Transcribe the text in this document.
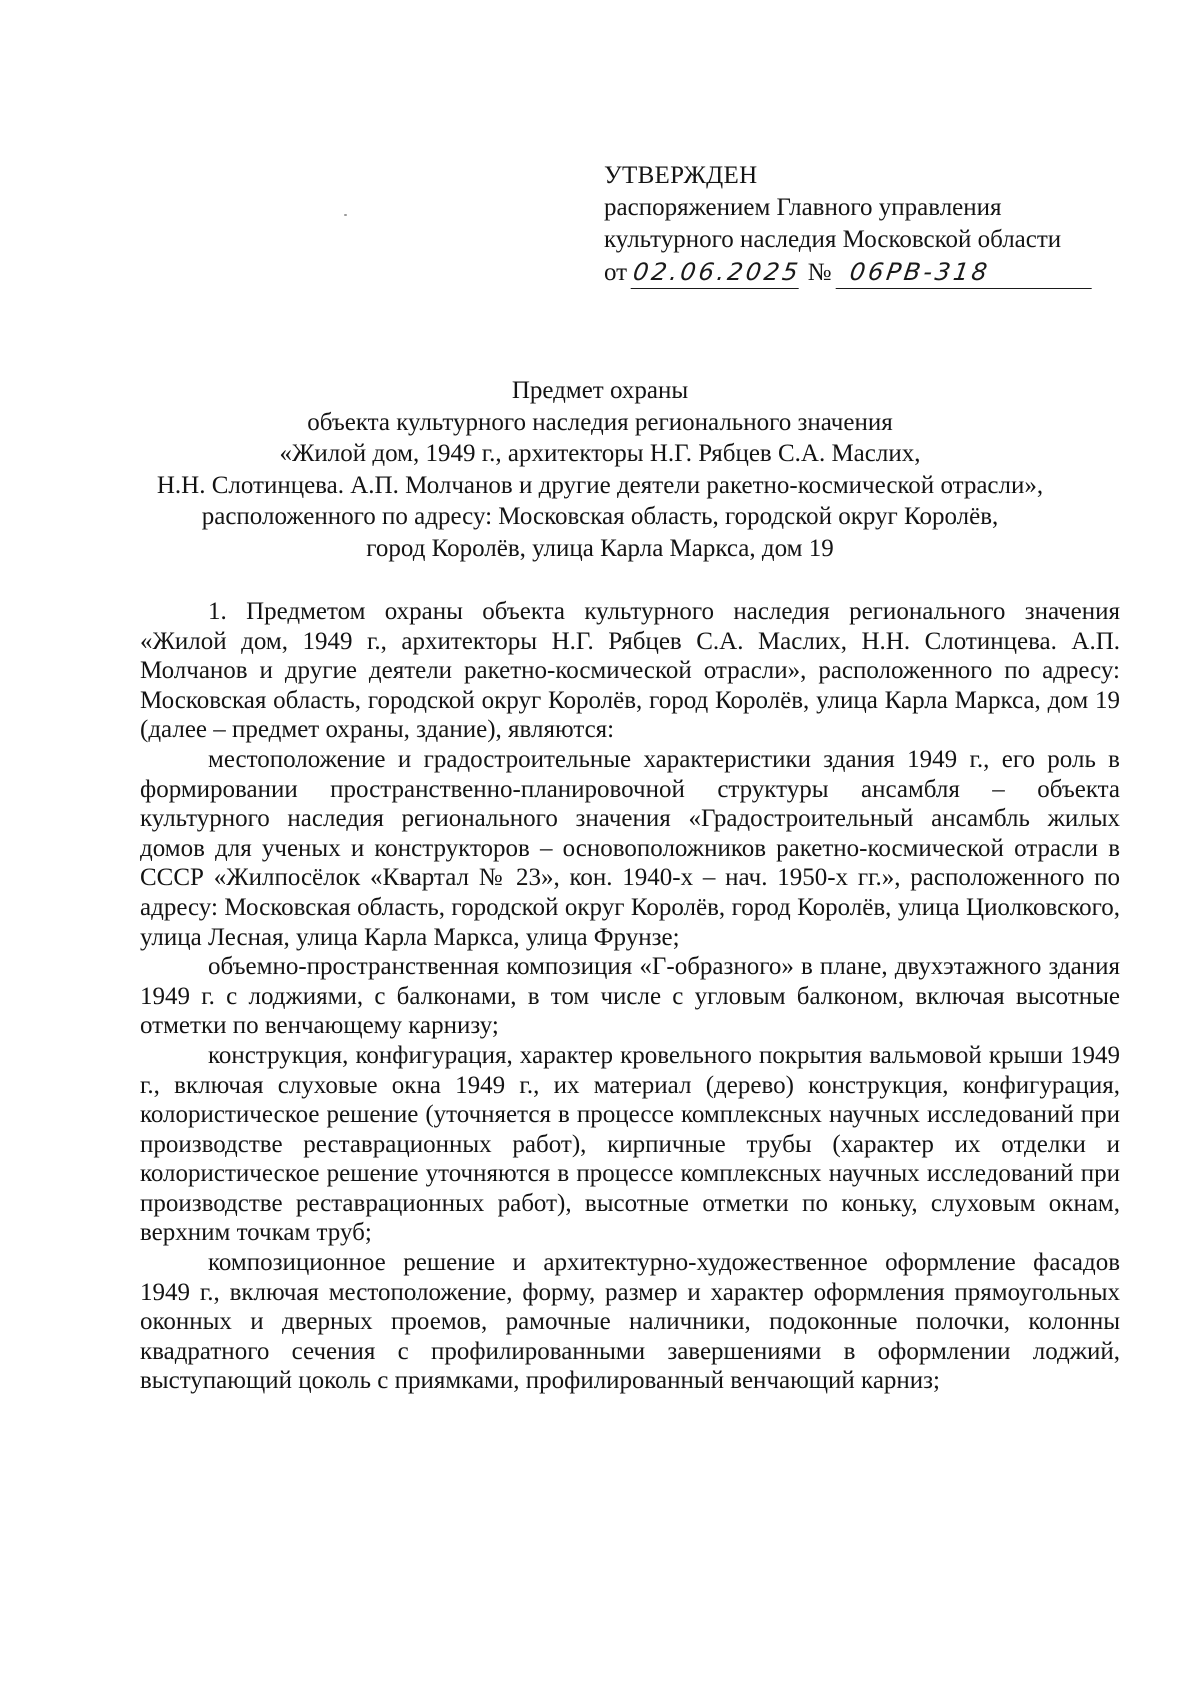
УТВЕРЖДЕН
распоряжением Главного управления
культурного наследия Московской области
от 02.06.2025 № 06РВ-318
Предмет охраны
объекта культурного наследия регионального значения
«Жилой дом, 1949 г., архитекторы Н.Г. Рябцев С.А. Маслих,
Н.Н. Слотинцева. А.П. Молчанов и другие деятели ракетно-космической отрасли»,
расположенного по адресу: Московская область, городской округ Королёв,
город Королёв, улица Карла Маркса, дом 19

1. Предметом охраны объекта культурного наследия регионального значения «Жилой дом, 1949 г., архитекторы Н.Г. Рябцев С.А. Маслих, Н.Н. Слотинцева. А.П. Молчанов и другие деятели ракетно-космической отрасли», расположенного по адресу: Московская область, городской округ Королёв, город Королёв, улица Карла Маркса, дом 19 (далее – предмет охраны, здание), являются:

местоположение и градостроительные характеристики здания 1949 г., его роль в формировании пространственно-планировочной структуры ансамбля – объекта культурного наследия регионального значения «Градостроительный ансамбль жилых домов для ученых и конструкторов – основоположников ракетно-космической отрасли в СССР «Жилпосёлок «Квартал № 23», кон. 1940-х – нач. 1950-х гг.», расположенного по адресу: Московская область, городской округ Королёв, город Королёв, улица Циолковского, улица Лесная, улица Карла Маркса, улица Фрунзе;

объемно-пространственная композиция «Г-образного» в плане, двухэтажного здания 1949 г. с лоджиями, с балконами, в том числе с угловым балконом, включая высотные отметки по венчающему карнизу;

конструкция, конфигурация, характер кровельного покрытия вальмовой крыши 1949 г., включая слуховые окна 1949 г., их материал (дерево) конструкция, конфигурация, колористическое решение (уточняется в процессе комплексных научных исследований при производстве реставрационных работ), кирпичные трубы (характер их отделки и колористическое решение уточняются в процессе комплексных научных исследований при производстве реставрационных работ), высотные отметки по коньку, слуховым окнам, верхним точкам труб;

композиционное решение и архитектурно-художественное оформление фасадов 1949 г., включая местоположение, форму, размер и характер оформления прямоугольных оконных и дверных проемов, рамочные наличники, подоконные полочки, колонны квадратного сечения с профилированными завершениями в оформлении лоджий, выступающий цоколь с приямками, профилированный венчающий карниз;
